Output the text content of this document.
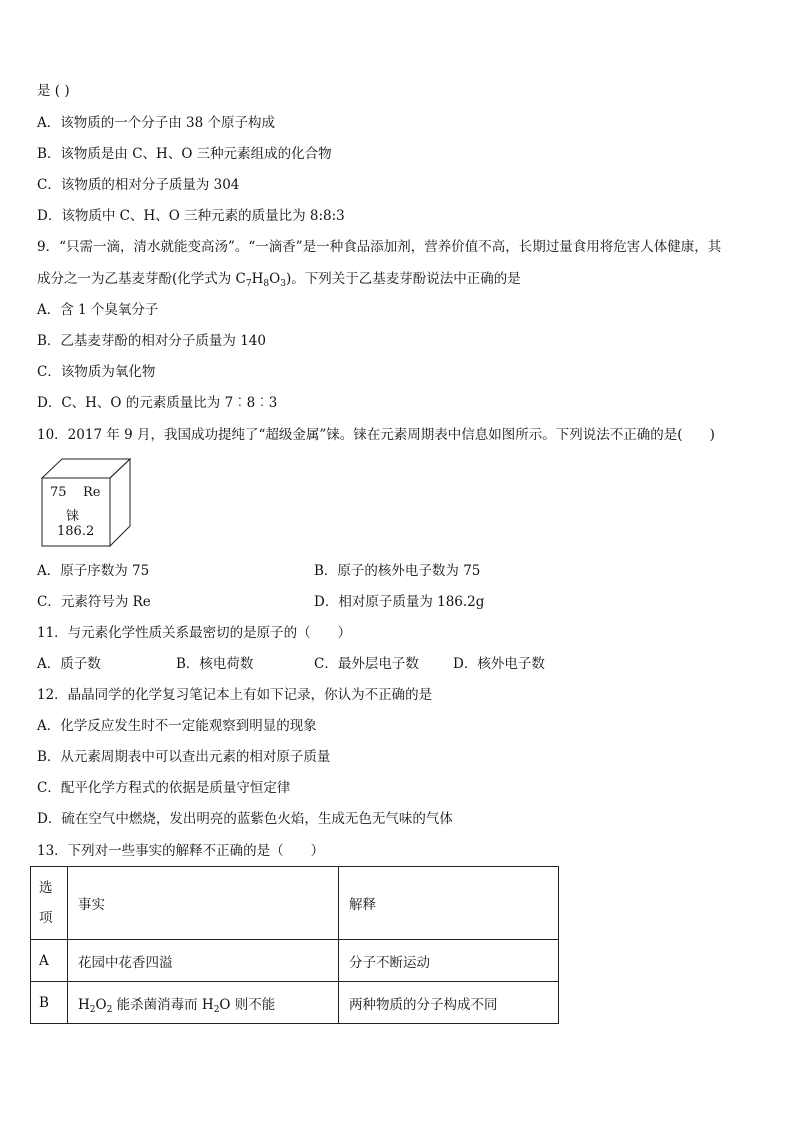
是 ( )
A．该物质的一个分子由 38 个原子构成
B．该物质是由 C、H、O 三种元素组成的化合物
C．该物质的相对分子质量为 304
D．该物质中 C、H、O 三种元素的质量比为 8:8:3
9．“只需一滴，清水就能变高汤”。“一滴香”是一种食品添加剂，营养价值不高，长期过量食用将危害人体健康，其
成分之一为乙基麦芽酚(化学式为 $C_7H_8O_3$)。下列关于乙基麦芽酚说法中正确的是
A．含 1 个臭氧分子
B．乙基麦芽酚的相对分子质量为 140
C．该物质为氧化物
D．C、H、O 的元素质量比为 7︰8︰3
10．2017 年 9 月，我国成功提纯了“超级金属”铼。铼在元素周期表中信息如图所示。下列说法不正确的是(　　)
75 Re
铼
186.2
A．原子序数为 75	B．原子的核外电子数为 75
C．元素符号为 Re	D．相对原子质量为 186.2g
11．与元素化学性质关系最密切的是原子的（　　）
A．质子数	B．核电荷数	C．最外层电子数	D．核外电子数
12．晶晶同学的化学复习笔记本上有如下记录，你认为不正确的是
A．化学反应发生时不一定能观察到明显的现象
B．从元素周期表中可以查出元素的相对原子质量
C．配平化学方程式的依据是质量守恒定律
D．硫在空气中燃烧，发出明亮的蓝紫色火焰，生成无色无气味的气体
13．下列对一些事实的解释不正确的是（　　）
选
项	事实	解释
A	花园中花香四溢	分子不断运动
B	$H_2O_2$ 能杀菌消毒而 $H_2O$ 则不能	两种物质的分子构成不同
